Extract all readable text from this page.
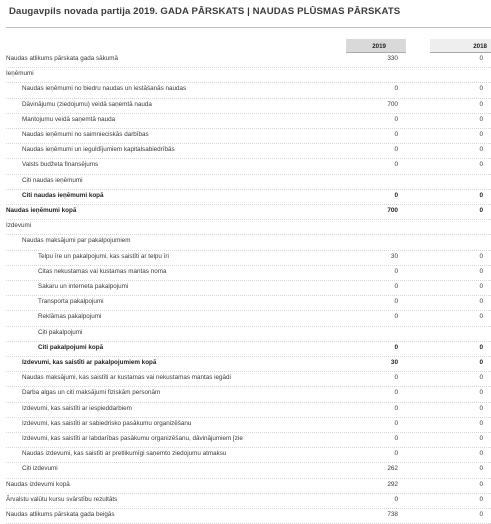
Daugavpils novada partija 2019. GADA PĀRSKATS | NAUDAS PLŪSMAS PĀRSKATS
2019	2018
Naudas atlikums pārskata gada sākumā	330	0
Ieņēmumi
Naudas ieņēmumi no biedru naudas un iestāšanās naudas	0	0
Dāvinājumu (ziedojumu) veidā saņemtā nauda	700	0
Mantojumu veidā saņemtā nauda	0	0
Naudas ieņēmumi no saimnieciskās darbības	0	0
Naudas ieņēmumi un ieguldījumiem kapitalsabiedrībās	0	0
Valsts budžeta finansējums	0	0
Citi naudas ieņēmumi
Citi naudas ieņēmumi kopā	0	0
Naudas ieņēmumi kopā	700	0
Izdevumi
Naudas maksājumi par pakalpojumiem
Telpu īre un pakalpojumi, kas saistīti ar telpu īri	30	0
Citas nekustamas vai kustamas mantas noma	0	0
Sakaru un interneta pakalpojumi	0	0
Transporta pakalpojumi	0	0
Reklāmas pakalpojumi	0	0
Citi pakalpojumi
Citi pakalpojumi kopā	0	0
Izdevumi, kas saistīti ar pakalpojumiem kopā	30	0
Naudas maksājumi, kas saistīti ar kustamas vai nekustamas mantas iegādi	0	0
Darba algas un citi maksājumi fiziskām personām	0	0
Izdevumi, kas saistīti ar iespieddarbiem	0	0
Izdevumi, kas saistīti ar sabiedrisko pasākumu organizēšanu	0	0
Izdevumi, kas saistīti ar labdarības pasākumu organizēšanu, dāvinājumiem [zie	0	0
Naudas izdevumi, kas saistīti ar pretlikumīgi saņemto ziedojumu atmaksu	0	0
Citi izdevumi	262	0
Naudas izdevumi kopā	292	0
Ārvalstu valūtu kursu svārstību rezultāts	0	0
Naudas atlikums pārskata gada beigās	738	0
